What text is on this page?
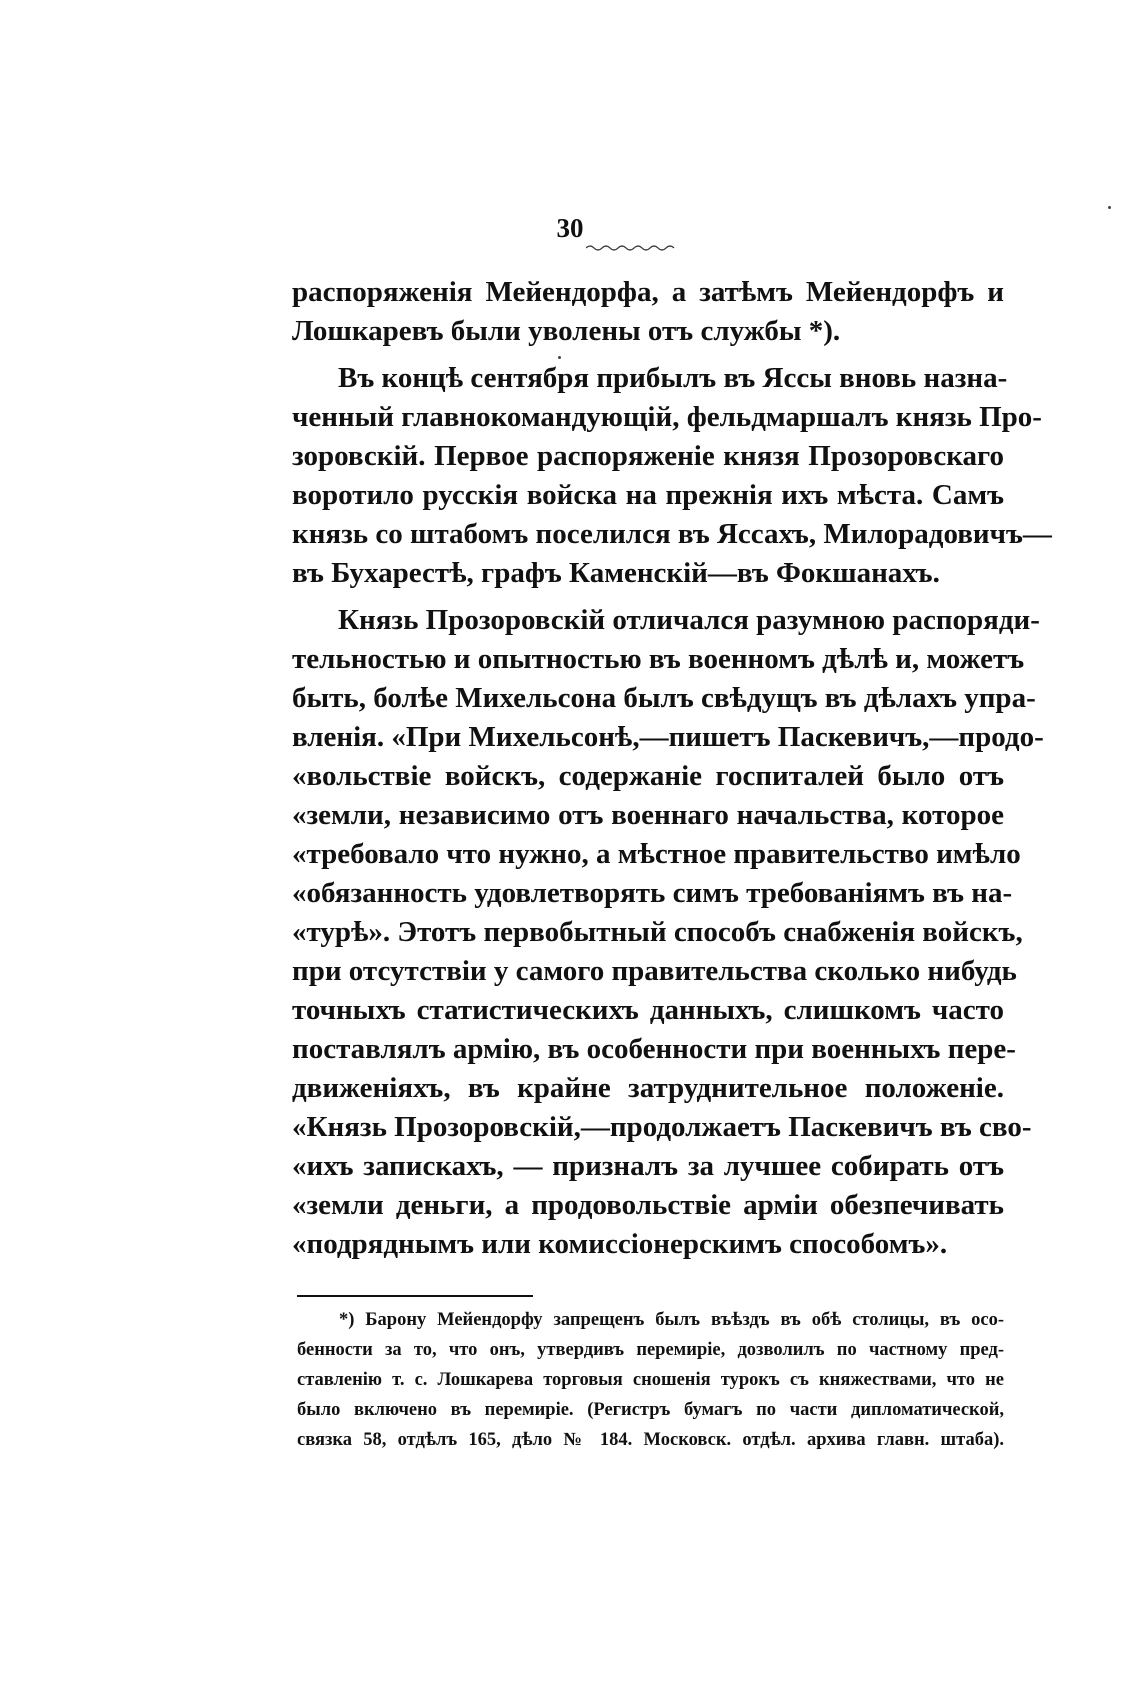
30
распоряженія Мейендорфа, а затѣмъ Мейендорфъ и
Лошкаревъ были уволены отъ службы *).
Въ концѣ сентября прибылъ въ Яссы вновь назна-
ченный главнокомандующій, фельдмаршалъ князь Про-
зоровскій. Первое распоряженіе князя Прозоровскаго
воротило русскія войска на прежнія ихъ мѣста. Самъ
князь со штабомъ поселился въ Яссахъ, Милорадовичъ—
въ Бухарестѣ, графъ Каменскій—въ Фокшанахъ.
Князь Прозоровскій отличался разумною распоряди-
тельностью и опытностью въ военномъ дѣлѣ и, можетъ
быть, болѣе Михельсона былъ свѣдущъ въ дѣлахъ упра-
вленія. «При Михельсонѣ,—пишетъ Паскевичъ,—продо-
«вольствіе войскъ, содержаніе госпиталей было отъ
«земли, независимо отъ военнаго начальства, которое
«требовало что нужно, а мѣстное правительство имѣло
«обязанность удовлетворять симъ требованіямъ въ на-
«турѣ». Этотъ первобытный способъ снабженія войскъ,
при отсутствіи у самого правительства сколько нибудь
точныхъ статистическихъ данныхъ, слишкомъ часто
поставлялъ армію, въ особенности при военныхъ пере-
движеніяхъ, въ крайне затруднительное положеніе.
«Князь Прозоровскій,—продолжаетъ Паскевичъ въ сво-
«ихъ запискахъ, — призналъ за лучшее собирать отъ
«земли деньги, а продовольствіе арміи обезпечивать
«подряднымъ или комиссіонерскимъ способомъ».
*) Барону Мейендорфу запрещенъ былъ въѣздъ въ обѣ столицы, въ осо-
бенности за то, что онъ, утвердивъ перемиріе, дозволилъ по частному пред-
ставленію т. с. Лошкарева торговыя сношенія турокъ съ княжествами, что не
было включено въ перемиріе. (Регистръ бумагъ по части дипломатической,
связка 58, отдѣлъ 165, дѣло № 184. Московск. отдѣл. архива главн. штаба).
